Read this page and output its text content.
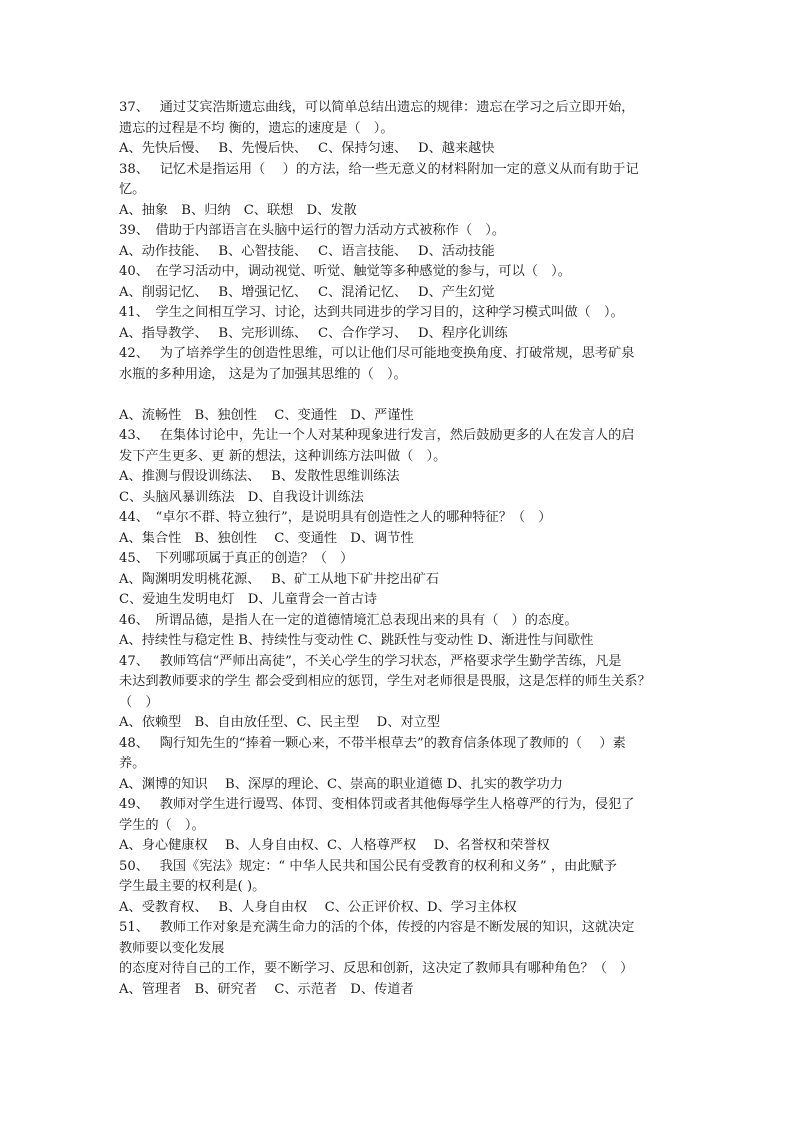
37、　 通过艾宾浩斯遗忘曲线，可以简单总结出遗忘的规律：遗忘在学习之后立即开始，
遗忘的过程是不均 衡的，遗忘的速度是（　）。
A、先快后慢、　 B、先慢后快、　 C、保持匀速、　 D、越来越快
38、　 记忆术是指运用（　 ）的方法，给一些无意义的材料附加一定的意义从而有助于记
忆。
A、抽象　B、归纳　C、联想　D、发散
39、　借助于内部语言在头脑中运行的智力活动方式被称作（　）。
A、动作技能、　 B、心智技能、　 C、语言技能、　 D、活动技能
40、　在学习活动中，调动视觉、听觉、触觉等多种感觉的参与，可以（　）。
A、削弱记忆、　 B、增强记忆、　 C、混淆记忆、　 D、产生幻觉
41、　学生之间相互学习、讨论，达到共同进步的学习目的，这种学习模式叫做（　）。
A、指导教学、　 B、完形训练、　 C、合作学习、　 D、程序化训练
42、　 为了培养学生的创造性思维，可以让他们尽可能地变换角度、打破常规，思考矿泉
水瓶的多种用途， 这是为了加强其思维的（　）。
A、流畅性　B、独创性　 C、变通性　D、严谨性
43、　 在集体讨论中，先让一个人对某种现象进行发言，然后鼓励更多的人在发言人的启
发下产生更多、更 新的想法，这种训练方法叫做（　）。
A、推测与假设训练法、　 B、发散性思维训练法
C、头脑风暴训练法　D、自我设计训练法
44、　“卓尔不群、特立独行”，是说明具有创造性之人的哪种特征？（　）
A、集合性　B、独创性　 C、变通性　D、调节性
45、　下列哪项属于真正的创造？（　）
A、陶渊明发明桃花源、　 B、矿工从地下矿井挖出矿石
C、爱迪生发明电灯　D、儿童背会一首古诗
46、　所谓品德，是指人在一定的道德情境汇总表现出来的具有（　）的态度。
A、持续性与稳定性 B、持续性与变动性 C、跳跃性与变动性 D、渐进性与间歇性
47、　 教师笃信“严师出高徒”，不关心学生的学习状态，严格要求学生勤学苦练，凡是
未达到教师要求的学生 都会受到相应的惩罚，学生对老师很是畏服，这是怎样的师生关系？
（　）
A、依赖型　B、自由放任型、C、民主型　 D、对立型
48、　 陶行知先生的“捧着一颗心来，不带半根草去”的教育信条体现了教师的（　 ）素
养。
A、渊博的知识　 B、深厚的理论、C、崇高的职业道德 D、扎实的教学功力
49、　 教师对学生进行谩骂、体罚、变相体罚或者其他侮辱学生人格尊严的行为，侵犯了
学生的（　）。
A、身心健康权　 B、人身自由权、C、人格尊严权　 D、名誉权和荣誉权
50、　 我国《宪法》规定：“ 中华人民共和国公民有受教育的权利和义务” ，由此赋予
学生最主要的权利是( )。
A、受教育权、　 B、人身自由权　 C、公正评价权、D、学习主体权
51、　 教师工作对象是充满生命力的活的个体，传授的内容是不断发展的知识，这就决定
教师要以变化发展
的态度对待自己的工作，要不断学习、反思和创新，这决定了教师具有哪种角色？（　）
A、管理者　B、研究者　 C、示范者　D、传道者
